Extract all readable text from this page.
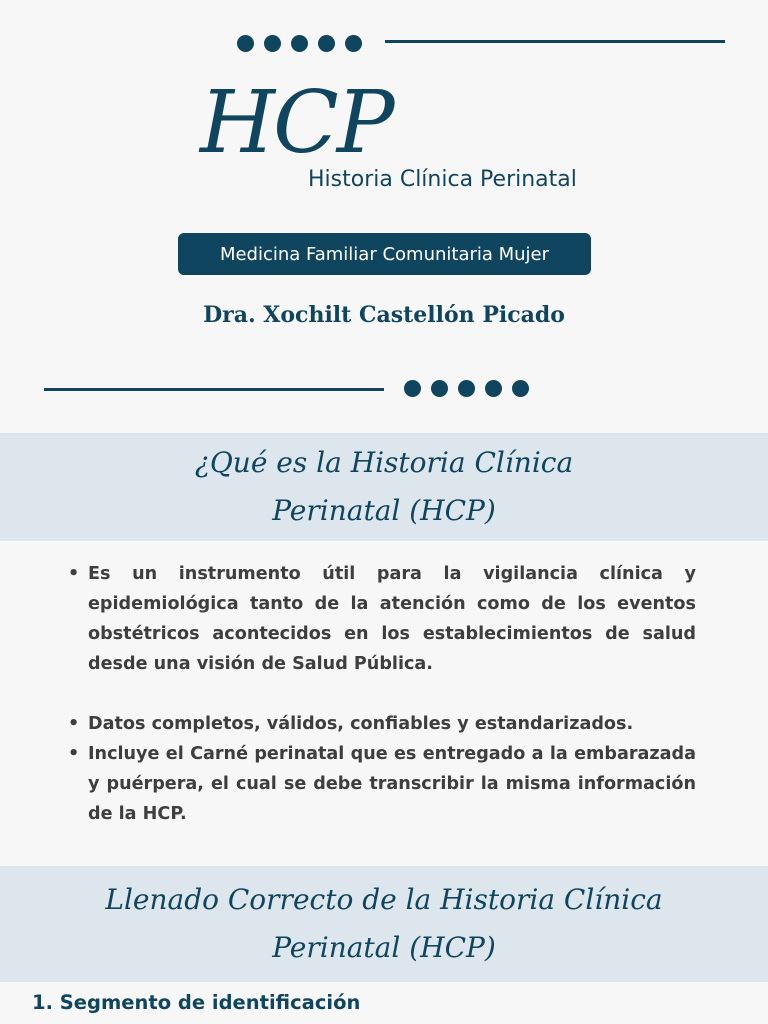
HCP
Historia Clínica Perinatal
Medicina Familiar Comunitaria Mujer
Dra. Xochilt Castellón Picado
¿Qué es la Historia Clínica
Perinatal (HCP)
• Es un instrumento útil para la vigilancia clínica y epidemiológica tanto de la atención como de los eventos obstétricos acontecidos en los establecimientos de salud desde una visión de Salud Pública.
• Datos completos, válidos, confiables y estandarizados.
• Incluye el Carné perinatal que es entregado a la embarazada y puérpera, el cual se debe transcribir la misma información de la HCP.
Llenado Correcto de la Historia Clínica
Perinatal (HCP)
1. Segmento de identificación
